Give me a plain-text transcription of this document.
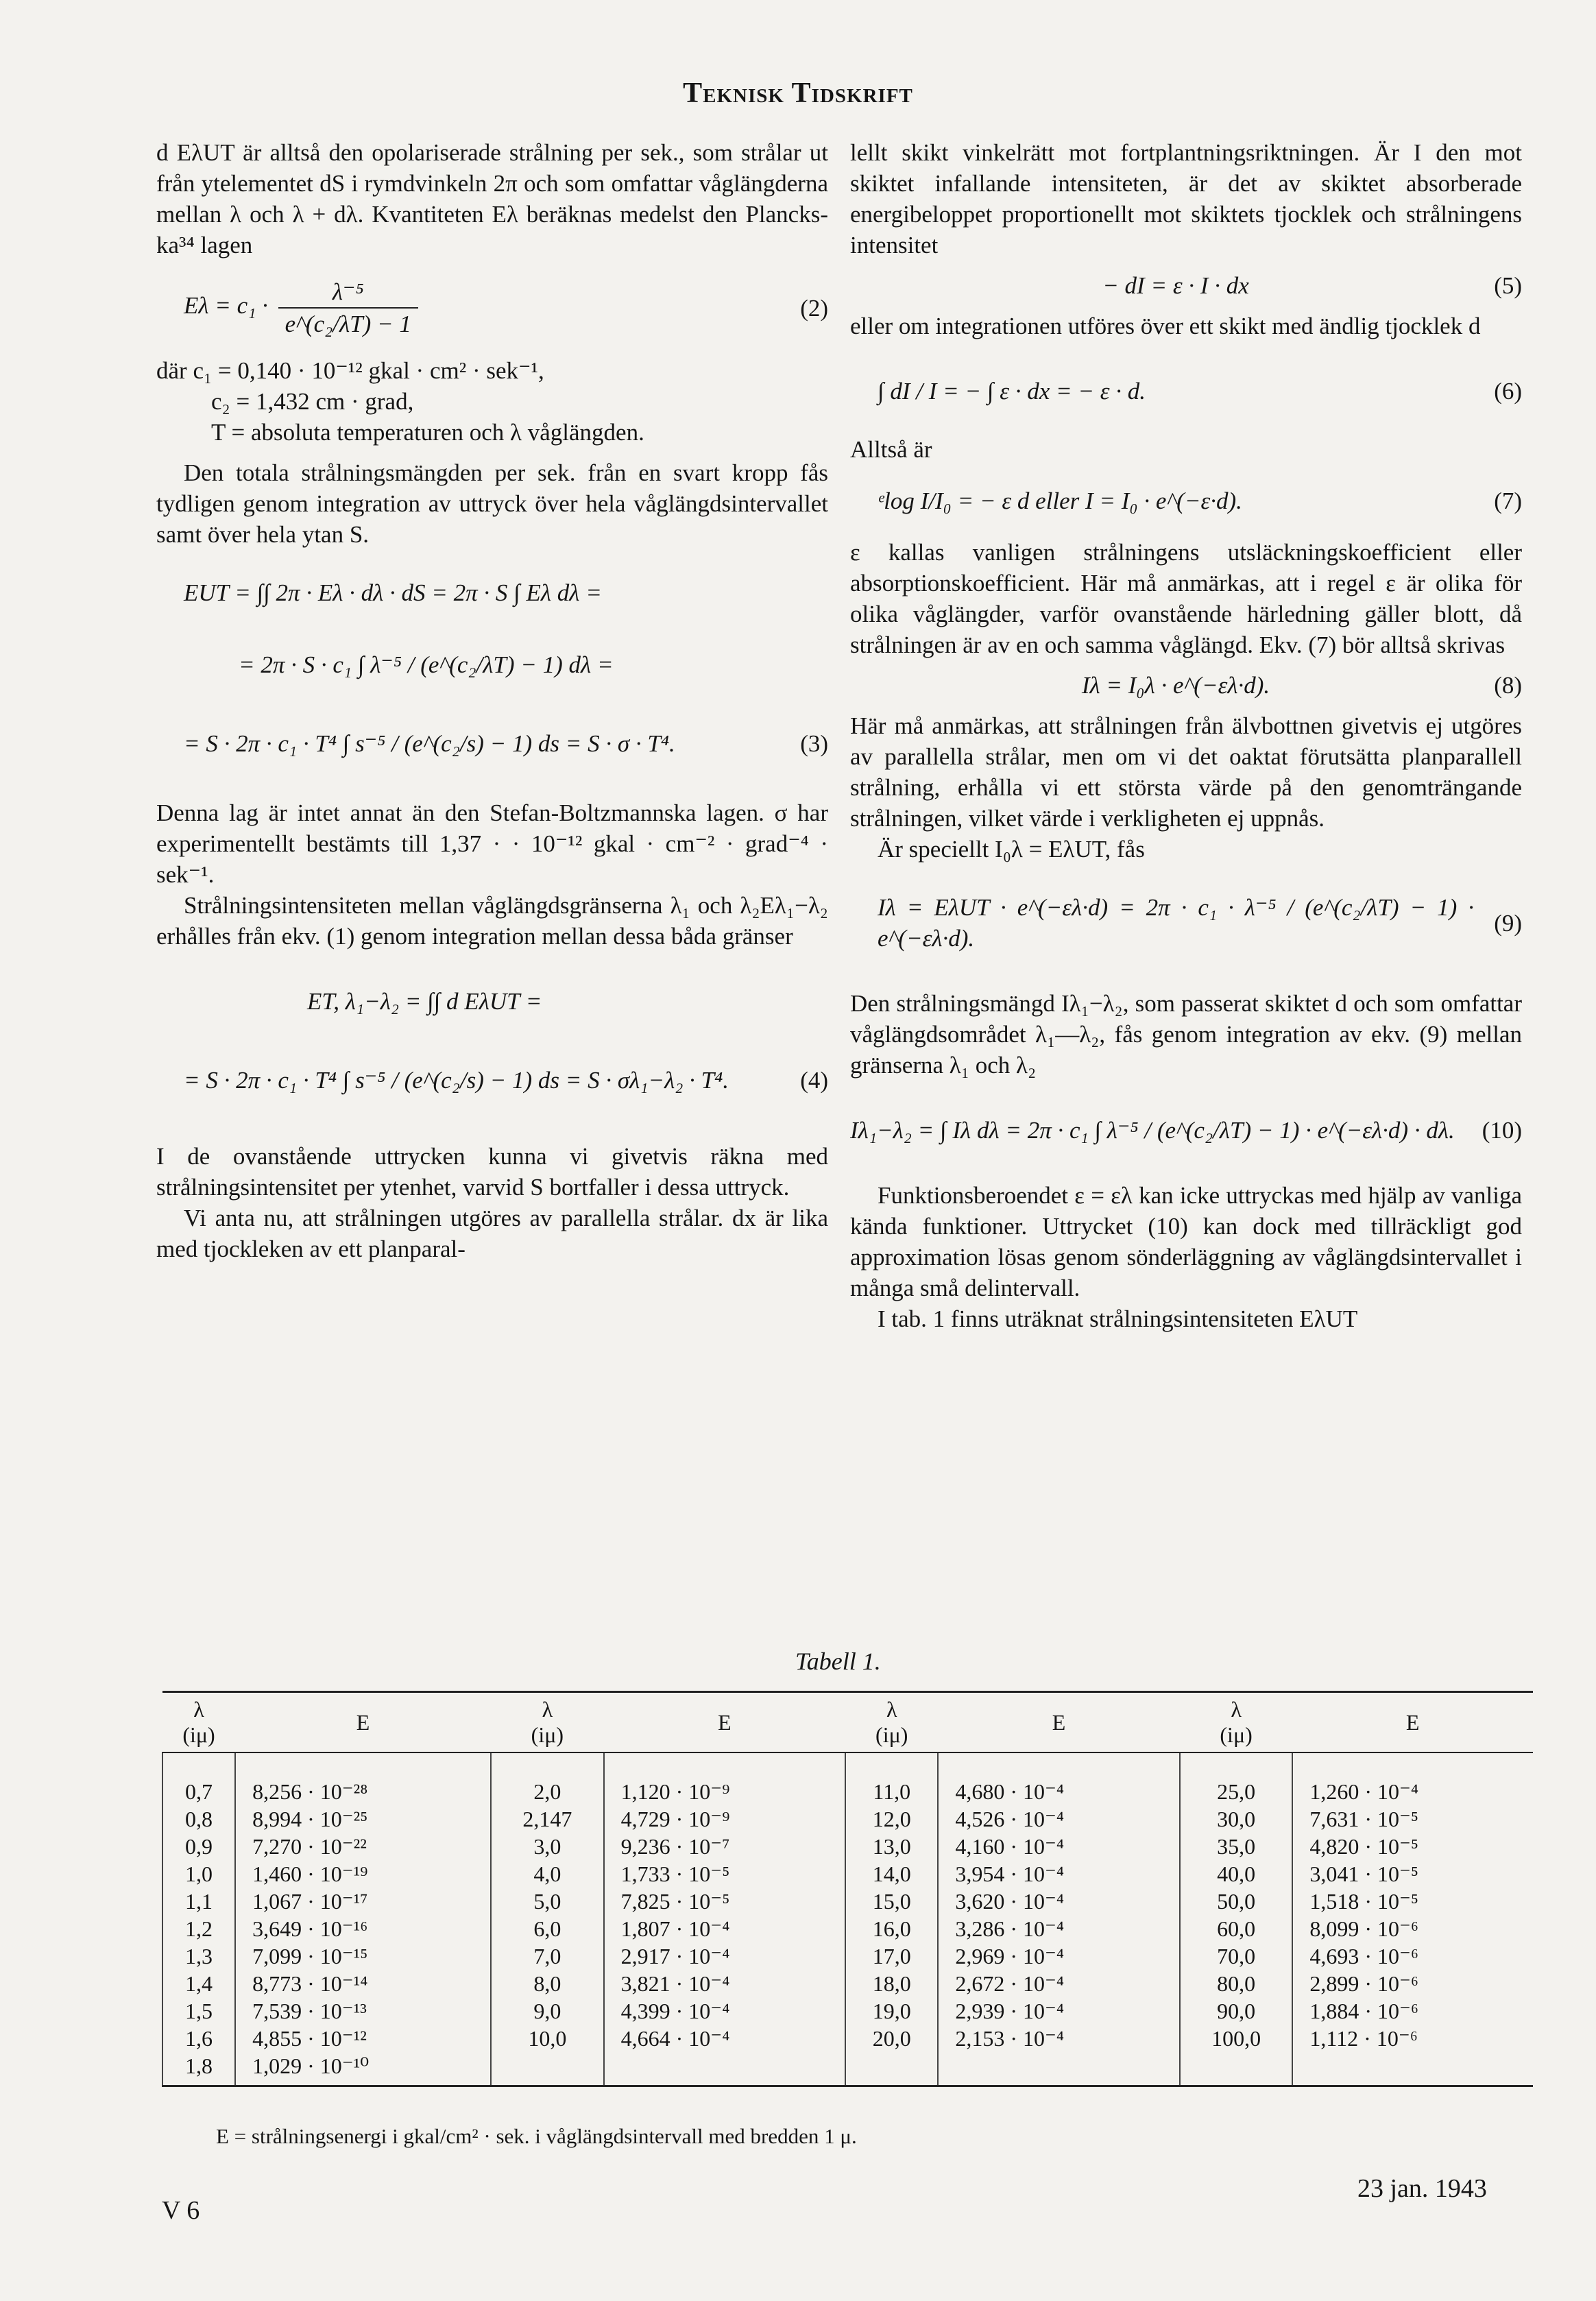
Teknisk Tidskrift

d EλUT är alltså den opolariserade strålning per sek., som strålar ut från ytelementet dS i rymdvinkeln 2π och som omfattar våglängderna mellan λ och λ + dλ. Kvantiteten Eλ beräknas medelst den Planckska³⁴ lagen

$E\lambda = c_1 \cdot \frac{\text{λ⁻⁵}}{\text{e\textasciicircum{}(c₂/λT) − 1}}$	(2)

där c₁ = 0,140 · 10⁻¹² gkal · cm² · sek⁻¹,

c₂ = 1,432 cm · grad,

T = absoluta temperaturen och λ våglängden.

Den totala strålningsmängden per sek. från en svart kropp fås tydligen genom integration av uttryck över hela våglängdsintervallet samt över hela ytan S.

EUT = ∫∫ 2π · Eλ · dλ · dS = 2π · S ∫ Eλ dλ =
= 2π · S · c₁ ∫ λ⁻⁵ / (e^(c₂/λT) − 1) dλ =
= S · 2π · c₁ · T⁴ ∫ s⁻⁵ / (e^(c₂/s) − 1) ds = S · σ · T⁴.	(3)

Denna lag är intet annat än den Stefan-Boltzmannska lagen. σ har experimentellt bestämts till 1,37 · · 10⁻¹² gkal · cm⁻² · grad⁻⁴ · sek⁻¹.

Strålningsintensiteten mellan våglängdsgränserna λ₁ och λ₂Eλ₁−λ₂ erhålles från ekv. (1) genom integration mellan dessa båda gränser

ET, λ₁−λ₂ = ∫∫ d EλUT =
= S · 2π · c₁ · T⁴ ∫ s⁻⁵ / (e^(c₂/s) − 1) ds = S · σλ₁−λ₂ · T⁴.	(4)

I de ovanstående uttrycken kunna vi givetvis räkna med strålningsintensitet per ytenhet, varvid S bortfaller i dessa uttryck.

Vi anta nu, att strålningen utgöres av parallella strålar. dx är lika med tjockleken av ett planparal-

lellt skikt vinkelrätt mot fortplantningsriktningen. Är I den mot skiktet infallande intensiteten, är det av skiktet absorberade energibeloppet proportionellt mot skiktets tjocklek och strålningens intensitet

− dI = ε · I · dx	(5)

eller om integrationen utföres över ett skikt med ändlig tjocklek d

∫ dI / I = − ∫ ε · dx = − ε · d.	(6)

Alltså är

ᵉlog I/I₀ = − ε d eller I = I₀ · e^(−ε·d).	(7)

ε kallas vanligen strålningens utsläckningskoefficient eller absorptionskoefficient. Här må anmärkas, att i regel ε är olika för olika våglängder, varför ovanstående härledning gäller blott, då strålningen är av en och samma våglängd. Ekv. (7) bör alltså skrivas

Iλ = I₀λ · e^(−ελ·d).	(8)

Här må anmärkas, att strålningen från älvbottnen givetvis ej utgöres av parallella strålar, men om vi det oaktat förutsätta planparallell strålning, erhålla vi ett största värde på den genomträngande strålningen, vilket värde i verkligheten ej uppnås.

Är speciellt I₀λ = EλUT, fås

Iλ = EλUT · e^(−ελ·d) = 2π · c₁ · λ⁻⁵ / (e^(c₂/λT) − 1) · e^(−ελ·d).
(9)

Den strålningsmängd Iλ₁−λ₂, som passerat skiktet d och som omfattar våglängdsområdet λ₁—λ₂, fås genom integration av ekv. (9) mellan gränserna λ₁ och λ₂

Iλ₁−λ₂ = ∫ Iλ dλ = 2π · c₁ ∫ λ⁻⁵ / (e^(c₂/λT) − 1) · e^(−ελ·d) · dλ.	(10)

Funktionsberoendet ε = ελ kan icke uttryckas med hjälp av vanliga kända funktioner. Uttrycket (10) kan dock med tillräckligt god approximation lösas genom sönderläggning av våglängdsintervallet i många små delintervall.

I tab. 1 finns uträknat strålningsintensiteten EλUT

Tabell 1.
λ
(iμ)	E	λ
(iμ)	E	λ
(iμ)	E	λ
(iμ)	E
0,7	8,256 · 10⁻²⁸	2,0	1,120 · 10⁻⁹	11,0	4,680 · 10⁻⁴	25,0	1,260 · 10⁻⁴
0,8	8,994 · 10⁻²⁵	2,147	4,729 · 10⁻⁹	12,0	4,526 · 10⁻⁴	30,0	7,631 · 10⁻⁵
0,9	7,270 · 10⁻²²	3,0	9,236 · 10⁻⁷	13,0	4,160 · 10⁻⁴	35,0	4,820 · 10⁻⁵
1,0	1,460 · 10⁻¹⁹	4,0	1,733 · 10⁻⁵	14,0	3,954 · 10⁻⁴	40,0	3,041 · 10⁻⁵
1,1	1,067 · 10⁻¹⁷	5,0	7,825 · 10⁻⁵	15,0	3,620 · 10⁻⁴	50,0	1,518 · 10⁻⁵
1,2	3,649 · 10⁻¹⁶	6,0	1,807 · 10⁻⁴	16,0	3,286 · 10⁻⁴	60,0	8,099 · 10⁻⁶
1,3	7,099 · 10⁻¹⁵	7,0	2,917 · 10⁻⁴	17,0	2,969 · 10⁻⁴	70,0	4,693 · 10⁻⁶
1,4	8,773 · 10⁻¹⁴	8,0	3,821 · 10⁻⁴	18,0	2,672 · 10⁻⁴	80,0	2,899 · 10⁻⁶
1,5	7,539 · 10⁻¹³	9,0	4,399 · 10⁻⁴	19,0	2,939 · 10⁻⁴	90,0	1,884 · 10⁻⁶
1,6	4,855 · 10⁻¹²	10,0	4,664 · 10⁻⁴	20,0	2,153 · 10⁻⁴	100,0	1,112 · 10⁻⁶
1,8	1,029 · 10⁻¹⁰						
E = strålningsenergi i gkal/cm² · sek. i våglängdsintervall med bredden 1 μ.
V 6
23 jan. 1943
